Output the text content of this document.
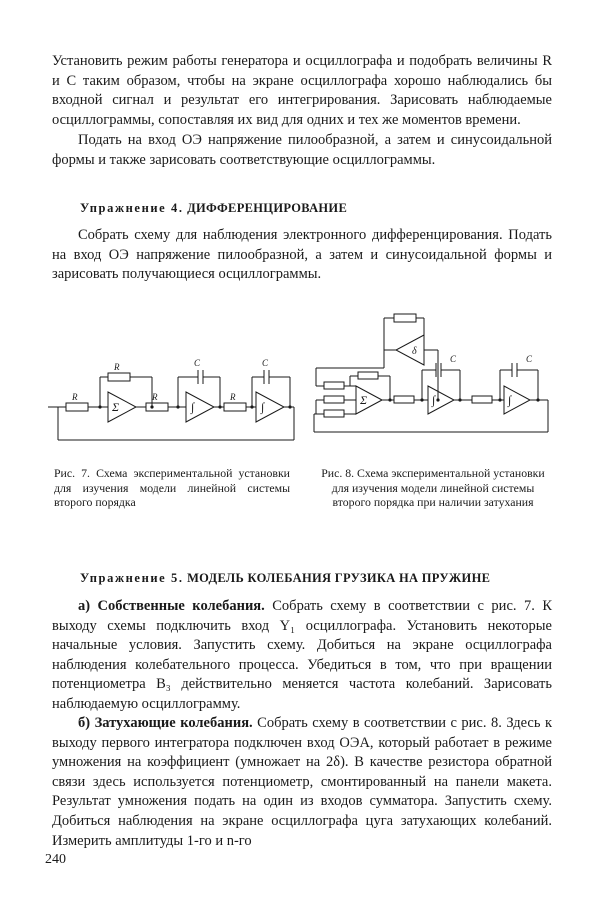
Установить режим работы генератора и осциллографа и подобрать величины R и C таким образом, чтобы на экране осциллографа хорошо наблюдались бы входной сигнал и результат его интегрирования. Зарисовать наблюдаемые осциллограммы, сопоставляя их вид для одних и тех же моментов времени.

Подать на вход ОЭ напряжение пилообразной, а затем и синусоидальной формы и также зарисовать соответствующие осциллограммы.

Упражнение 4. ДИФФЕРЕНЦИРОВАНИЕ

Собрать схему для наблюдения электронного дифференцирования. Подать на вход ОЭ напряжение пилообразной, а затем и синусоидальной формы и зарисовать получающиеся осциллограммы.

R
R
R	R
C	C
Σ	∫	∫

Рис. 7. Схема экспериментальной установки для изучения модели линейной системы второго порядка

C	C
Σ	∫	∫
δ

Рис. 8. Схема экспериментальной установки для изучения модели линейной системы второго порядка при наличии затухания

Упражнение 5. МОДЕЛЬ КОЛЕБАНИЯ ГРУЗИКА НА ПРУЖИНЕ

а) Собственные колебания. Собрать схему в соответствии с рис. 7. К выходу схемы подключить вход Y₁ осциллографа. Установить некоторые начальные условия. Запустить схему. Добиться на экране осциллографа наблюдения колебательного процесса. Убедиться в том, что при вращении потенциометра B₃ действительно меняется частота колебаний. Зарисовать наблюдаемую осциллограмму.

б) Затухающие колебания. Собрать схему в соответствии с рис. 8. Здесь к выходу первого интегратора подключен вход ОЭА, который работает в режиме умножения на коэффициент (умножает на 2δ). В качестве резистора обратной связи здесь используется потенциометр, смонтированный на панели макета. Результат умножения подать на один из входов сумматора. Запустить схему. Добиться наблюдения на экране осциллографа цуга затухающих колебаний. Измерить амплитуды 1-го и n-го

240
